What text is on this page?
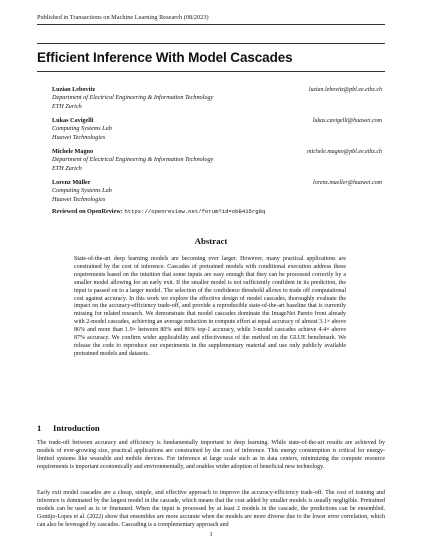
Published in Transactions on Machine Learning Research (08/2023)
Efficient Inference With Model Cascades
Luzian Lebovitz
Department of Electrical Engineering & Information Technology
ETH Zurich
luzian.lebovitz@pbl.ee.ethz.ch
Lukas Cavigelli
Computing Systems Lab
Huawei Technologies
lukas.cavigelli@huawei.com
Michele Magno
Department of Electrical Engineering & Information Technology
ETH Zurich
michele.magno@pbl.ee.ethz.ch
Lorenz Müller
Computing Systems Lab
Huawei Technologies
lorenz.mueller@huawei.com
Reviewed on OpenReview: https://openreview.net/forum?id=obB415rg8q
Abstract
State-of-the-art deep learning models are becoming ever larger. However, many practical applications are constrained by the cost of inference. Cascades of pretrained models with conditional execution address these requirements based on the intuition that some inputs are easy enough that they can be processed correctly by a smaller model allowing for an early exit. If the smaller model is not sufficiently confident in its prediction, the input is passed on to a larger model. The selection of the confidence threshold allows to trade off computational cost against accuracy. In this work we explore the effective design of model cascades, thoroughly evaluate the impact on the accuracy-efficiency trade-off, and provide a reproducible state-of-the-art baseline that is currently missing for related research. We demonstrate that model cascades dominate the ImageNet Pareto front already with 2-model cascades, achieving an average reduction in compute effort at equal accuracy of almost 3.1× above 86% and more than 1.9× between 80% and 86% top-1 accuracy, while 3-model cascades achieve 4.4× above 87% accuracy. We confirm wider applicability and effectiveness of the method on the GLUE benchmark. We release the code to reproduce our experiments in the supplementary material and use only publicly available pretrained models and datasets.
1 Introduction
The trade-off between accuracy and efficiency is fundamentally important to deep learning. While state-of-the-art results are achieved by models of ever-growing size, practical applications are constrained by the cost of inference. This energy consumption is critical for energy-limited systems like wearable and mobile devices. For inference at large scale such as in data centers, minimizing the compute resource requirements is important economically and environmentally, and enables wider adoption of beneficial new technology.
Early exit model cascades are a cheap, simple, and effective approach to improve the accuracy-efficiency trade-off. The cost of training and inference is dominated by the largest model in the cascade, which means that the cost added by smaller models is usually negligible. Pretrained models can be used as is or finetuned. When the input is processed by at least 2 models in the cascade, the predictions can be ensembled. Gontijo-Lopes et al. (2022) show that ensembles are more accurate when the models are more diverse due to the lower error correlation, which can also be leveraged by cascades. Cascading is a complementary approach and
1
